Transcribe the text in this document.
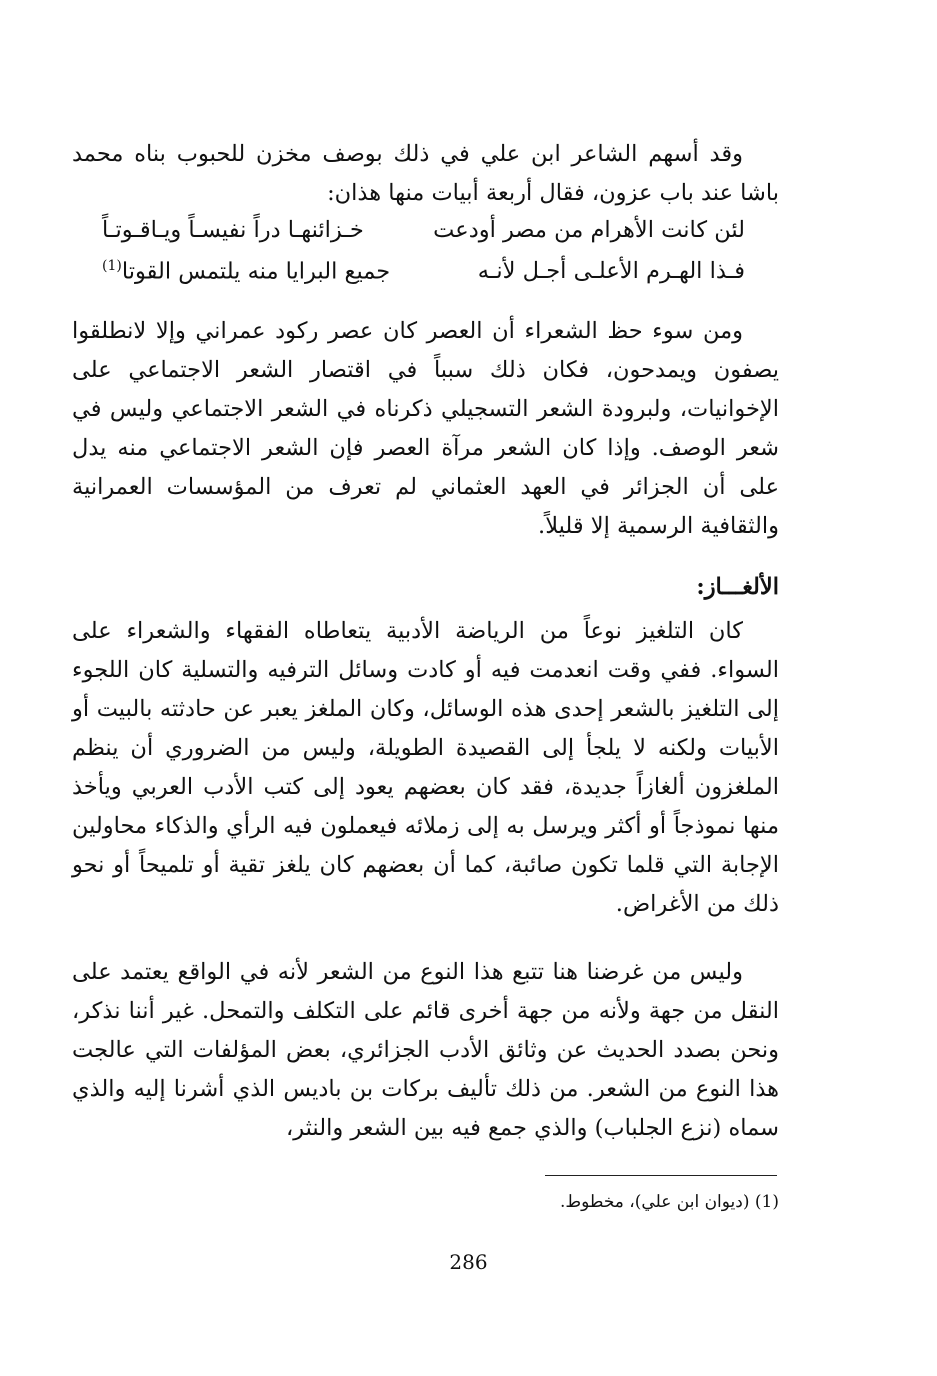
وقد أسهم الشاعر ابن علي في ذلك بوصف مخزن للحبوب بناه محمد باشا عند باب عزون، فقال أربعة أبيات منها هذان:

لئن كانت الأهرام من مصر أودعت
خـزائنهـا دراً نفيسـاً ويـاقـوتـاً
فـذا الهـرم الأعلـى أجـل لأنـه
جميع البرايا منه يلتمس القوتا$^{(1)}$

ومن سوء حظ الشعراء أن العصر كان عصر ركود عمراني وإلا لانطلقوا يصفون ويمدحون، فكان ذلك سبباً في اقتصار الشعر الاجتماعي على الإخوانيات، ولبرودة الشعر التسجيلي ذكرناه في الشعر الاجتماعي وليس في شعر الوصف. وإذا كان الشعر مرآة العصر فإن الشعر الاجتماعي منه يدل على أن الجزائر في العهد العثماني لم تعرف من المؤسسات العمرانية والثقافية الرسمية إلا قليلاً.

الألغـــاز:

كان التلغيز نوعاً من الرياضة الأدبية يتعاطاه الفقهاء والشعراء على السواء. ففي وقت انعدمت فيه أو كادت وسائل الترفيه والتسلية كان اللجوء إلى التلغيز بالشعر إحدى هذه الوسائل، وكان الملغز يعبر عن حادثته بالبيت أو الأبيات ولكنه لا يلجأ إلى القصيدة الطويلة، وليس من الضروري أن ينظم الملغزون ألغازاً جديدة، فقد كان بعضهم يعود إلى كتب الأدب العربي ويأخذ منها نموذجاً أو أكثر ويرسل به إلى زملائه فيعملون فيه الرأي والذكاء محاولين الإجابة التي قلما تكون صائبة، كما أن بعضهم كان يلغز تقية أو تلميحاً أو نحو ذلك من الأغراض.

وليس من غرضنا هنا تتبع هذا النوع من الشعر لأنه في الواقع يعتمد على النقل من جهة ولأنه من جهة أخرى قائم على التكلف والتمحل. غير أننا نذكر، ونحن بصدد الحديث عن وثائق الأدب الجزائري، بعض المؤلفات التي عالجت هذا النوع من الشعر. من ذلك تأليف بركات بن باديس الذي أشرنا إليه والذي سماه (نزع الجلباب) والذي جمع فيه بين الشعر والنثر،

(1) (ديوان ابن علي)، مخطوط.
286
